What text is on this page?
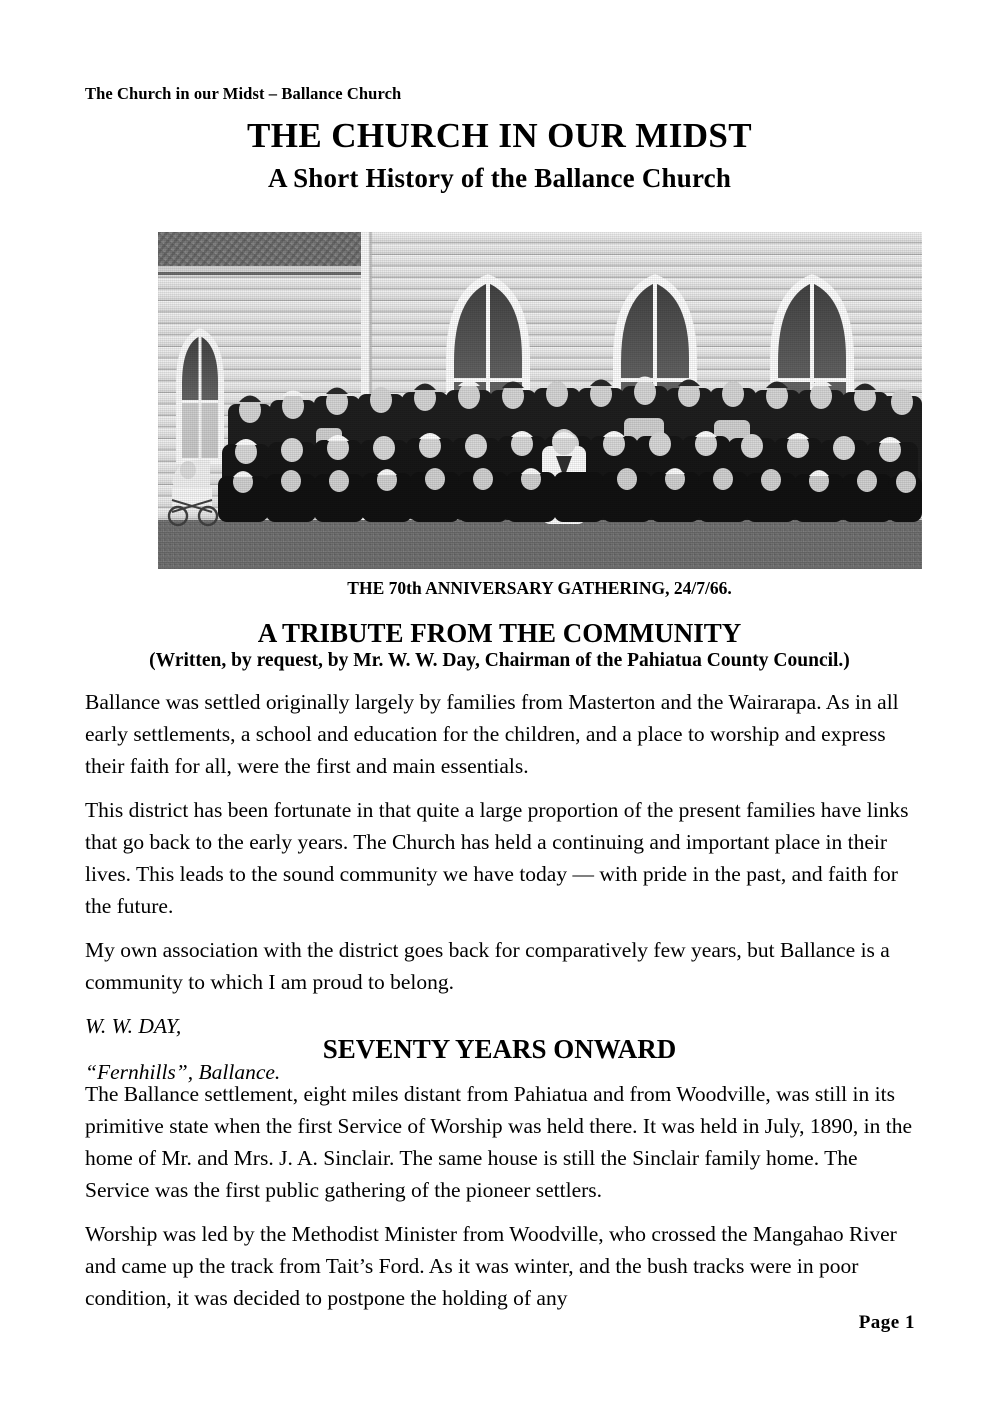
The Church in our Midst – Ballance Church
THE CHURCH IN OUR MIDST
A Short History of the Ballance Church
THE 70th ANNIVERSARY GATHERING, 24/7/66.
A TRIBUTE FROM THE COMMUNITY
(Written, by request, by Mr. W. W. Day, Chairman of the Pahiatua County Council.)

Ballance was settled originally largely by families from Masterton and the Wairarapa. As in all early settlements, a school and education for the children, and a place to worship and express their faith for all, were the first and main essentials.

This district has been fortunate in that quite a large proportion of the present families have links that go back to the early years. The Church has held a continuing and important place in their lives. This leads to the sound community we have today — with pride in the past, and faith for the future.

My own association with the district goes back for comparatively few years, but Ballance is a community to which I am proud to belong.

W. W. DAY,

“Fernhills”, Ballance.

SEVENTY YEARS ONWARD

The Ballance settlement, eight miles distant from Pahiatua and from Woodville, was still in its primitive state when the first Service of Worship was held there. It was held in July, 1890, in the home of Mr. and Mrs. J. A. Sinclair. The same house is still the Sinclair family home. The Service was the first public gathering of the pioneer settlers.

Worship was led by the Methodist Minister from Woodville, who crossed the Mangahao River and came up the track from Tait’s Ford. As it was winter, and the bush tracks were in poor condition, it was decided to postpone the holding of any

Page 1
